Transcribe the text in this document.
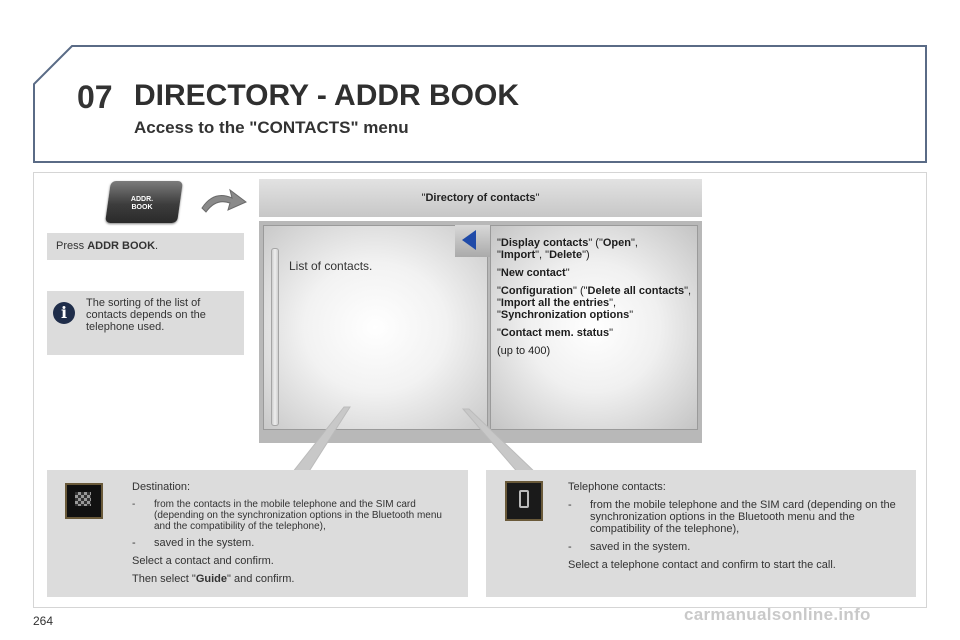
07 DIRECTORY - ADDR BOOK
Access to the "CONTACTS" menu
ADDR.
BOOK
Press ADDR BOOK.
i	The sorting of the list of contacts depends on the telephone used.
"Directory of contacts"
List of contacts.

"Display contacts" ("Open",
"Import", "Delete")

"New contact"

"Configuration" ("Delete all contacts", "Import all the entries", "Synchronization options"

"Contact mem. status"

(up to 400)

Destination:

- from the contacts in the mobile telephone and the SIM card (depending on the synchronization options in the Bluetooth menu and the compatibility of the telephone),
- saved in the system.

Select a contact and confirm.

Then select "Guide" and confirm.

Telephone contacts:

- from the mobile telephone and the SIM card (depending on the synchronization options in the Bluetooth menu and the compatibility of the telephone),
- saved in the system.

Select a telephone contact and confirm to start the call.

264	carmanualsonline.info
